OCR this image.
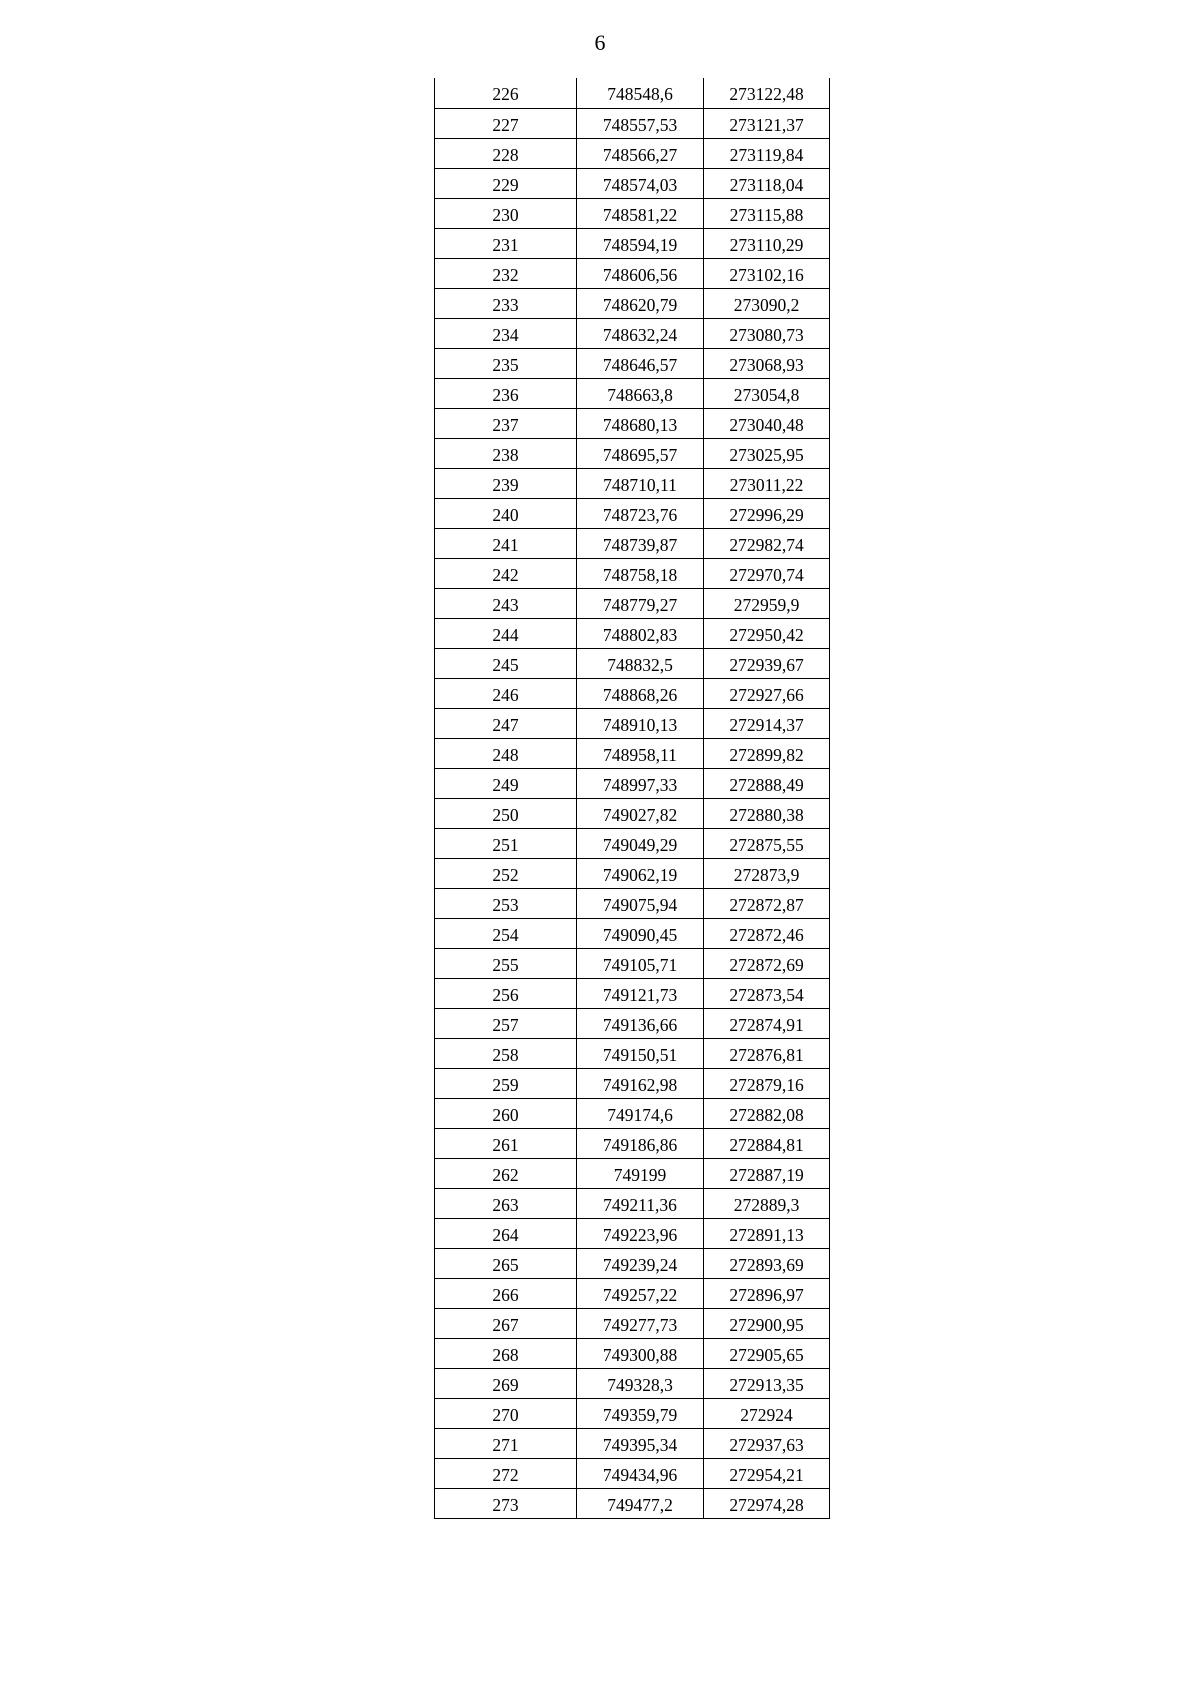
6
226	748548,6	273122,48
227	748557,53	273121,37
228	748566,27	273119,84
229	748574,03	273118,04
230	748581,22	273115,88
231	748594,19	273110,29
232	748606,56	273102,16
233	748620,79	273090,2
234	748632,24	273080,73
235	748646,57	273068,93
236	748663,8	273054,8
237	748680,13	273040,48
238	748695,57	273025,95
239	748710,11	273011,22
240	748723,76	272996,29
241	748739,87	272982,74
242	748758,18	272970,74
243	748779,27	272959,9
244	748802,83	272950,42
245	748832,5	272939,67
246	748868,26	272927,66
247	748910,13	272914,37
248	748958,11	272899,82
249	748997,33	272888,49
250	749027,82	272880,38
251	749049,29	272875,55
252	749062,19	272873,9
253	749075,94	272872,87
254	749090,45	272872,46
255	749105,71	272872,69
256	749121,73	272873,54
257	749136,66	272874,91
258	749150,51	272876,81
259	749162,98	272879,16
260	749174,6	272882,08
261	749186,86	272884,81
262	749199	272887,19
263	749211,36	272889,3
264	749223,96	272891,13
265	749239,24	272893,69
266	749257,22	272896,97
267	749277,73	272900,95
268	749300,88	272905,65
269	749328,3	272913,35
270	749359,79	272924
271	749395,34	272937,63
272	749434,96	272954,21
273	749477,2	272974,28
